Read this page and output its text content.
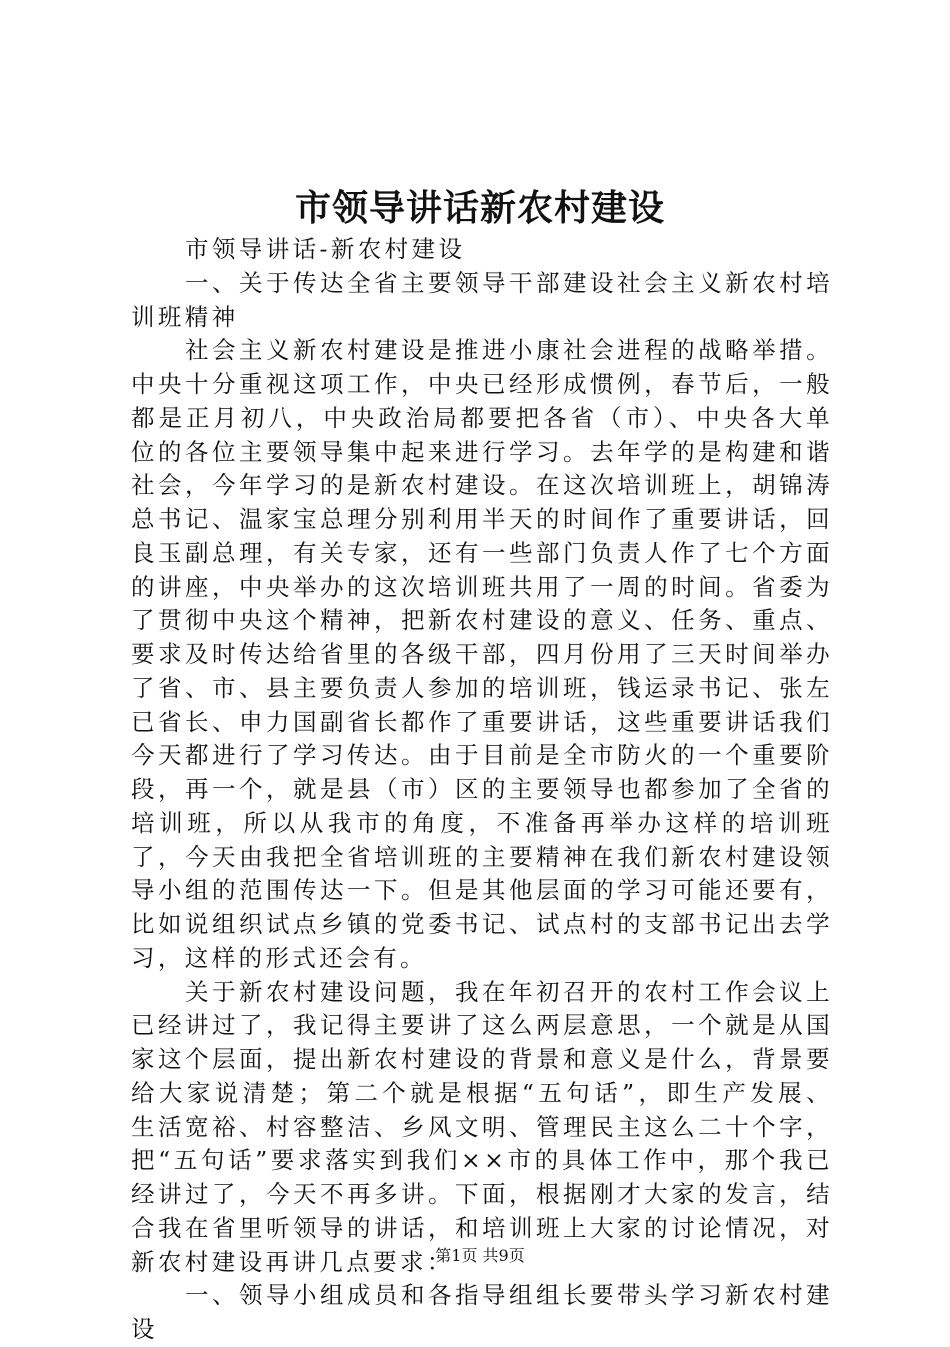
市领导讲话新农村建设

市领导讲话-新农村建设

一、关于传达全省主要领导干部建设社会主义新农村培训班精神

社会主义新农村建设是推进小康社会进程的战略举措。中央十分重视这项工作，中央已经形成惯例，春节后，一般都是正月初八，中央政治局都要把各省（市）、中央各大单位的各位主要领导集中起来进行学习。去年学的是构建和谐社会，今年学习的是新农村建设。在这次培训班上，胡锦涛总书记、温家宝总理分别利用半天的时间作了重要讲话，回良玉副总理，有关专家，还有一些部门负责人作了七个方面的讲座，中央举办的这次培训班共用了一周的时间。省委为了贯彻中央这个精神，把新农村建设的意义、任务、重点、要求及时传达给省里的各级干部，四月份用了三天时间举办了省、市、县主要负责人参加的培训班，钱运录书记、张左已省长、申力国副省长都作了重要讲话，这些重要讲话我们今天都进行了学习传达。由于目前是全市防火的一个重要阶段，再一个，就是县（市）区的主要领导也都参加了全省的培训班，所以从我市的角度，不准备再举办这样的培训班了，今天由我把全省培训班的主要精神在我们新农村建设领导小组的范围传达一下。但是其他层面的学习可能还要有，比如说组织试点乡镇的党委书记、试点村的支部书记出去学习，这样的形式还会有。

关于新农村建设问题，我在年初召开的农村工作会议上已经讲过了，我记得主要讲了这么两层意思，一个就是从国家这个层面，提出新农村建设的背景和意义是什么，背景要给大家说清楚；第二个就是根据“五句话”，即生产发展、生活宽裕、村容整洁、乡风文明、管理民主这么二十个字，把“五句话”要求落实到我们××市的具体工作中，那个我已经讲过了，今天不再多讲。下面，根据刚才大家的发言，结合我在省里听领导的讲话，和培训班上大家的讨论情况，对新农村建设再讲几点要求：

一、领导小组成员和各指导组组长要带头学习新农村建设

第1页 共9页
